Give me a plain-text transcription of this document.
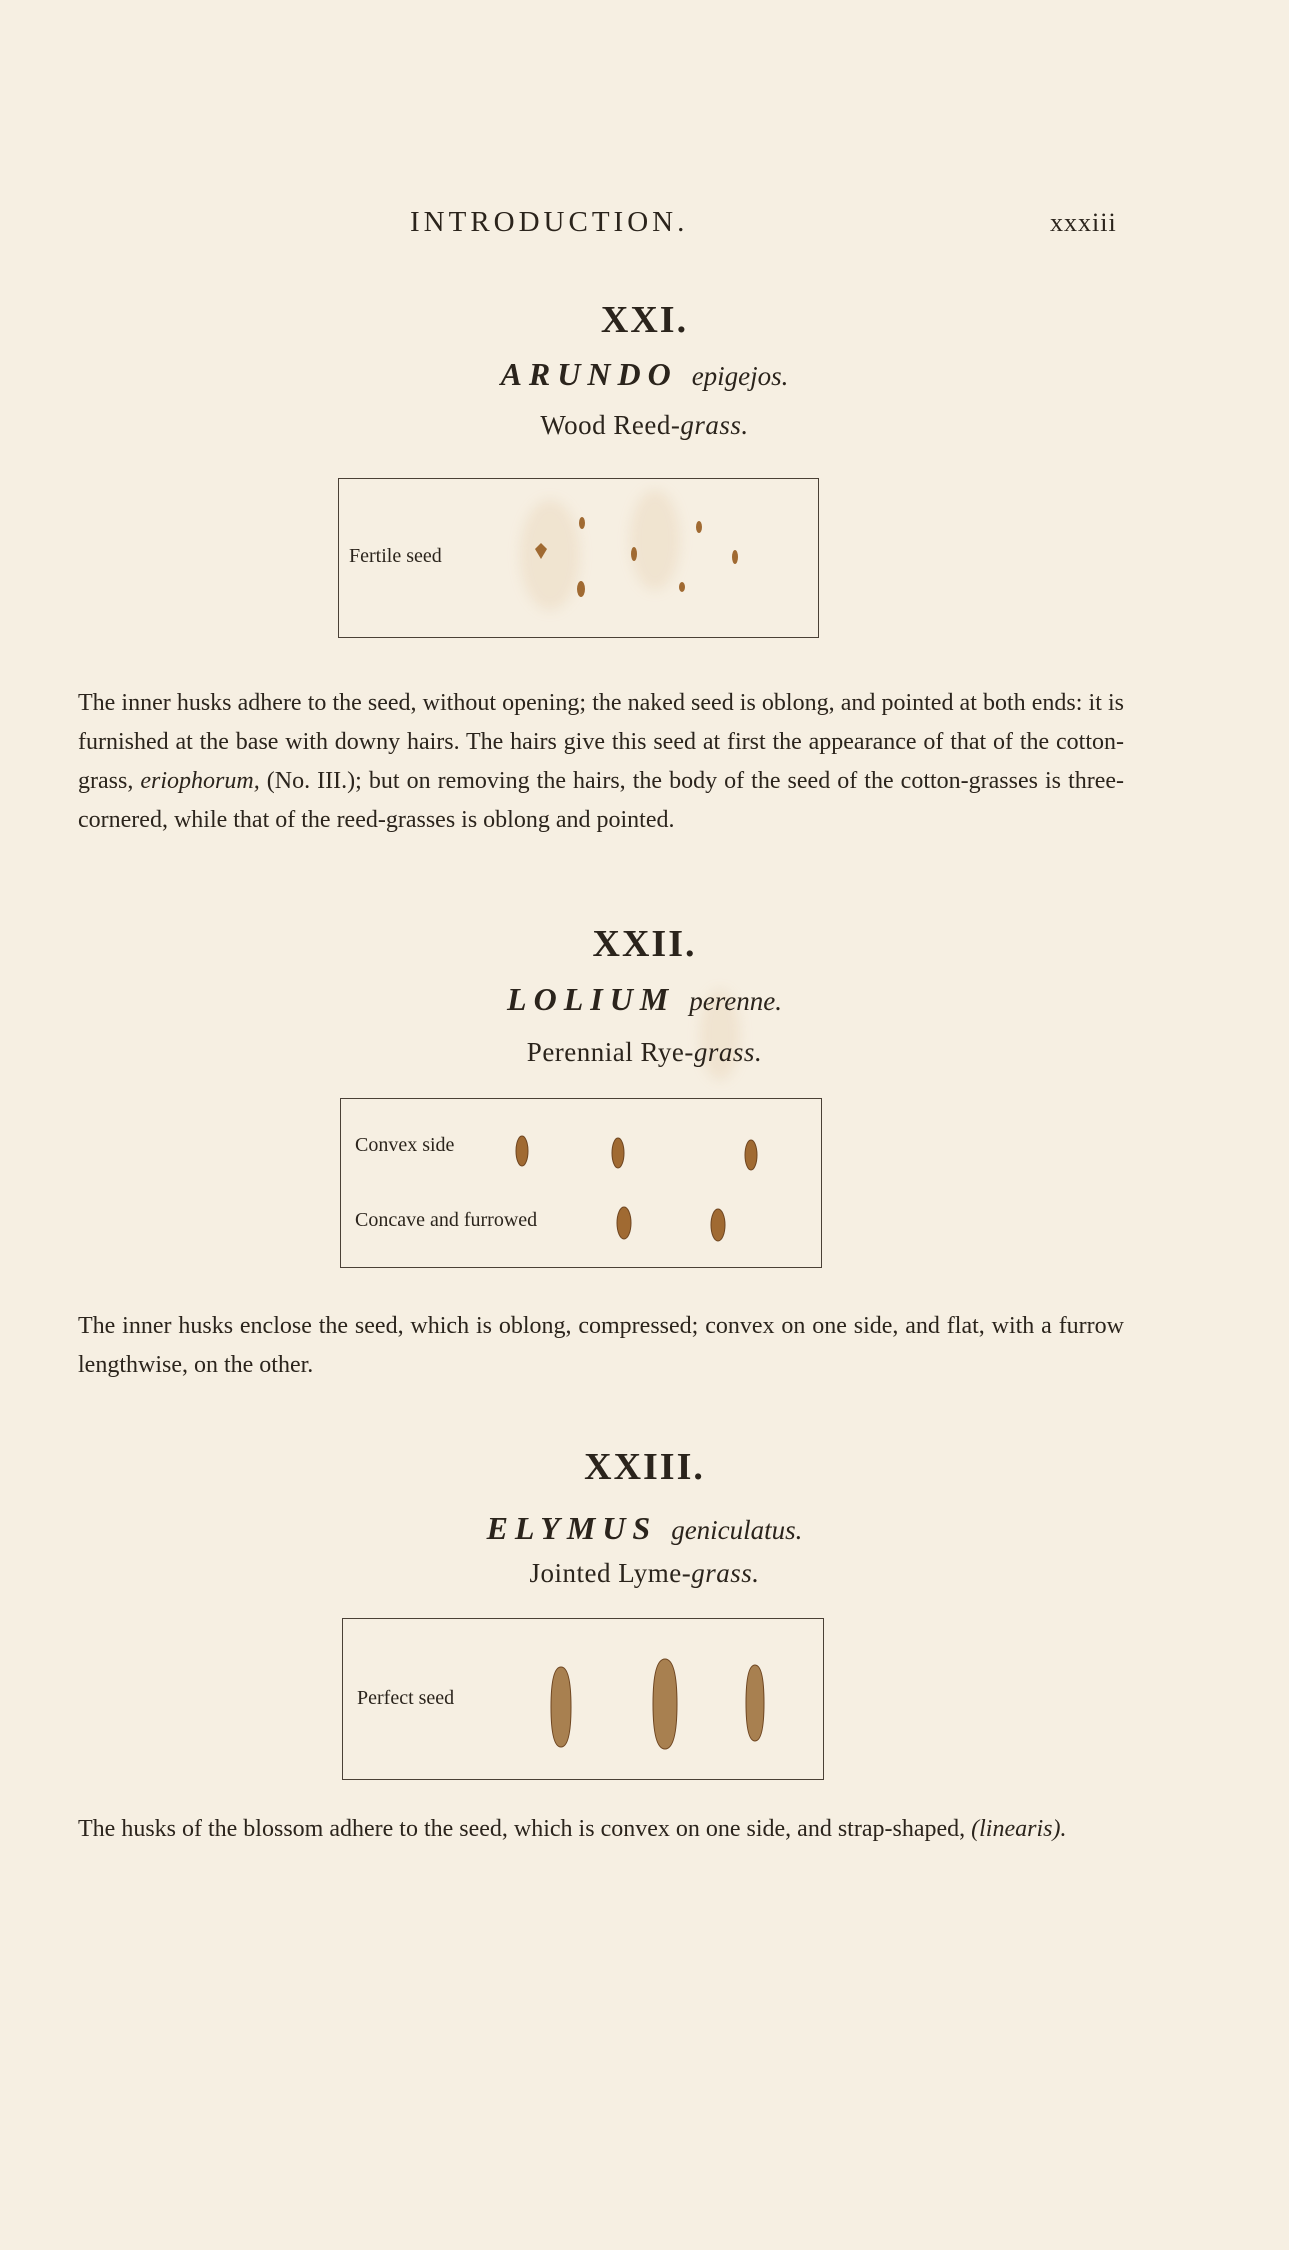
INTRODUCTION.	xxxiii
XXI.
ARUNDO epigejos.
Wood Reed-grass.
Fertile seed

The inner husks adhere to the seed, without opening; the naked seed is oblong, and pointed at both ends: it is furnished at the base with downy hairs. The hairs give this seed at first the appearance of that of the cotton-grass, eriophorum, (No. III.); but on removing the hairs, the body of the seed of the cotton-grasses is three-cornered, while that of the reed-grasses is oblong and pointed.

XXII.
LOLIUM perenne.
Perennial Rye-grass.
Convex side
Concave and furrowed

The inner husks enclose the seed, which is oblong, compressed; convex on one side, and flat, with a furrow lengthwise, on the other.

XXIII.
ELYMUS geniculatus.
Jointed Lyme-grass.
Perfect seed

The husks of the blossom adhere to the seed, which is convex on one side, and strap-shaped, (linearis).
